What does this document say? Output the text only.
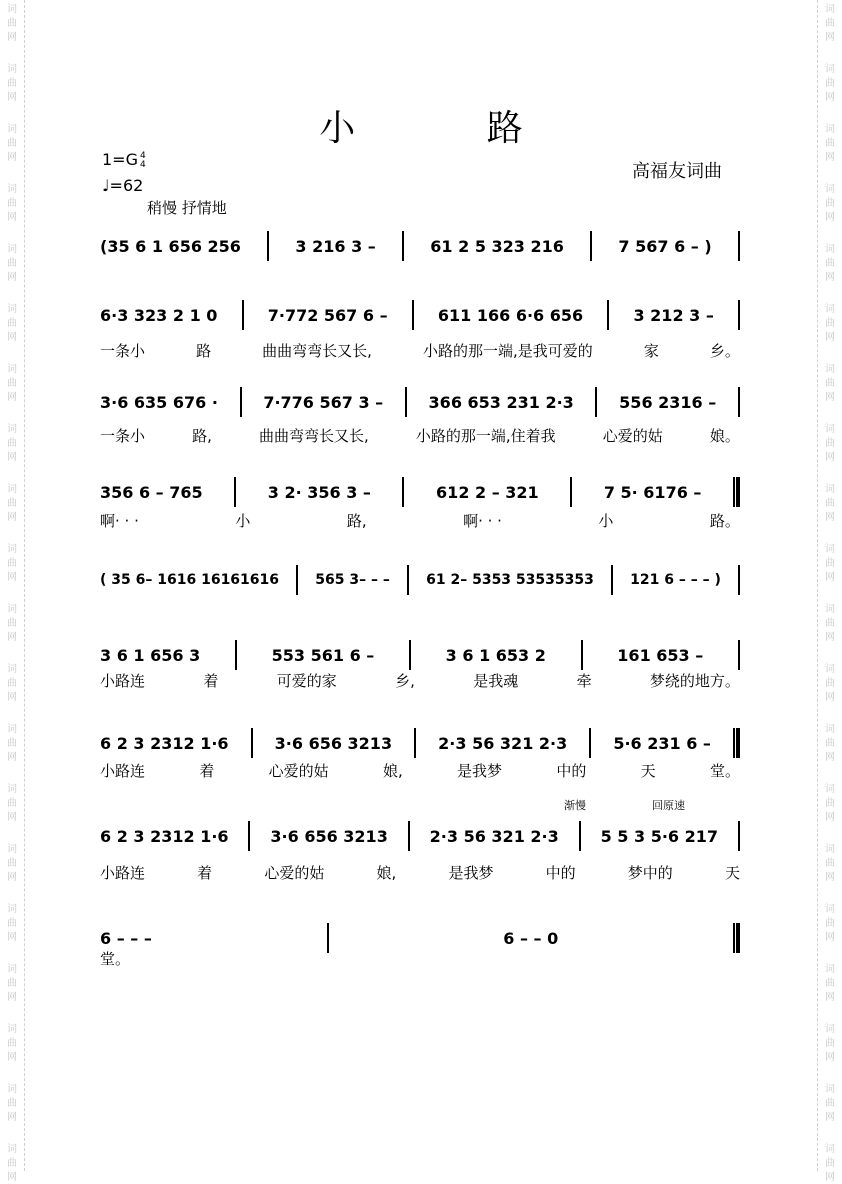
词
曲
网
词
曲
网
词
曲
网
词
曲
网
词
曲
网
词
曲
网
词
曲
网
词
曲
网
词
曲
网
词
曲
网
词
曲
网
词
曲
网
词
曲
网
词
曲
网
词
曲
网
词
曲
网
词
曲
网
词
曲
网
词
曲
网
词
曲
网
词
曲
网
词
曲
网
词
曲
网
词
曲
网
词
曲
网
词
曲
网
词
曲
网
词
曲
网
词
曲
网
词
曲
网
词
曲
网
词
曲
网
词
曲
网
词
曲
网
词
曲
网
词
曲
网
词
曲
网
词
曲
网
词
曲
网
词
曲
网
小 路
1=G 4
4
♩=62
高福友词曲
稍慢 抒情地
(35 6 1 656 256	3 216 3 –	61 2 5 323 216	7 567 6 – )
6·3 323 2 1 0	7·772 567 6 –	611 166 6·6 656	3 212 3 –
一条小	路	曲曲弯弯长又长,	小路的那一端,是我可爱的	家	乡。
3·6 635 676 ·	7·776 567 3 –	366 653 231 2·3	556 2316 –
一条小	路,	曲曲弯弯长又长,	小路的那一端,住着我	心爱的姑	娘。
356 6 – 765	3 2· 356 3 –	612 2 – 321	7 5· 6176 –
啊· · ·	小	路,	啊· · ·	小	路。
( 35 6– 1616 16161616	565 3– – –	61 2– 5353 53535353	121 6 – – – )
3 6 1 656 3	553 561 6 –	3 6 1 653 2	161 653 –
小路连	着	可爱的家	乡,	是我魂	牵	梦绕的地方。
6 2 3 2312 1·6	3·6 656 3213	2·3 56 321 2·3	5·6 231 6 –
小路连	着	心爱的姑	娘,	是我梦	中的	天	堂。
6 2 3 2312 1·6	3·6 656 3213	2·3 56 321 2·3	5 5 3 5·6 217
小路连	着	心爱的姑	娘,	是我梦	中的	梦中的	天
6 – – –	6 – – 0
堂。
渐慢	回原速
